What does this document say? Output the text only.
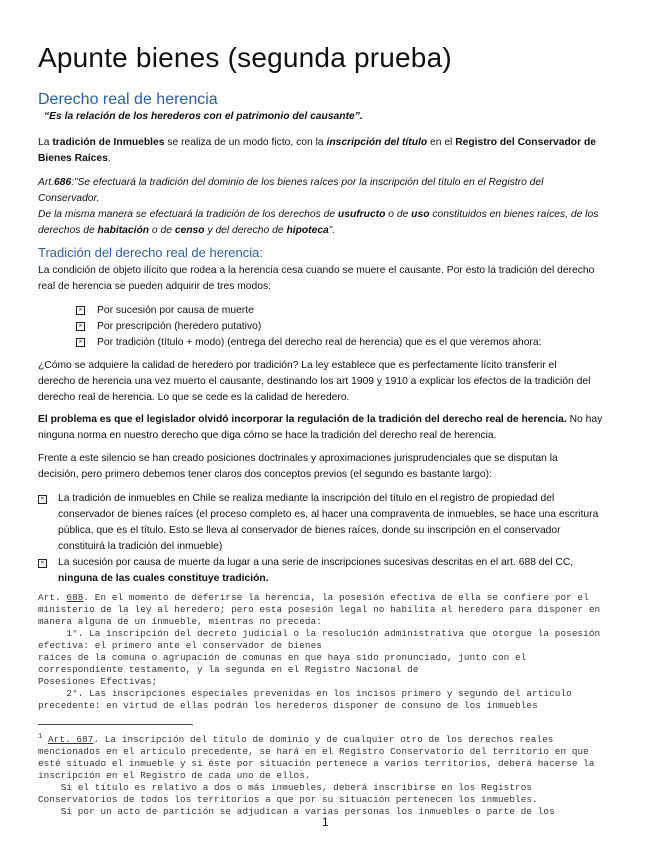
Apunte bienes (segunda prueba)
Derecho real de herencia
“Es la relación de los herederos con el patrimonio del causante”.
La tradición de Inmuebles se realiza de un modo ficto, con la inscripción del título en el Registro del Conservador de
Bienes Raíces.
Art.686:”Se efectuará la tradición del dominio de los bienes raíces por la inscripción del título en el Registro del
Conservador.
De la misma manera se efectuará la tradición de los derechos de usufructo o de uso constituidos en bienes raíces, de los
derechos de habitación o de censo y del derecho de hipoteca”.
Tradición del derecho real de herencia:
La condición de objeto ilícito que rodea a la herencia cesa cuando se muere el causante. Por esto la tradición del derecho
real de herencia se pueden adquirir de tres modos:
✕ Por sucesión por causa de muerte
✕ Por prescripción (heredero putativo)
✕ Por tradición (título + modo) (entrega del derecho real de herencia) que es el que veremos ahora:
¿Cómo se adquiere la calidad de heredero por tradición? La ley establece que es perfectamente lícito transferir el
derecho de herencia una vez muerto el causante, destinando los art 1909 y 1910 a explicar los efectos de la tradición del
derecho real de herencia. Lo que se cede es la calidad de heredero.
El problema es que el legislador olvidó incorporar la regulación de la tradición del derecho real de herencia. No hay
ninguna norma en nuestro derecho que diga cómo se hace la tradición del derecho real de herencia.
Frente a este silencio se han creado posiciones doctrinales y aproximaciones jurisprudenciales que se disputan la
decisión, pero primero debemos tener claros dos conceptos previos (el segundo es bastante largo):
✕ La tradición de inmuebles en Chile se realiza mediante la inscripción del título en el registro de propiedad del
conservador de bienes raíces (el proceso completo es, al hacer una compraventa de inmuebles, se hace una escritura
pública, que es el título. Esto se lleva al conservador de bienes raíces, donde su inscripción en el conservador
constituirá la tradición del inmueble)
✕ La sucesión por causa de muerte da lugar a una serie de inscripciones sucesivas descritas en el art. 688 del CC,
ninguna de las cuales constituye tradición.
Art. 688. En el momento de deferirse la herencia, la posesión efectiva de ella se confiere por el
ministerio de la ley al heredero; pero esta posesión legal no habilita al heredero para disponer en
manera alguna de un inmueble, mientras no preceda:
1°. La inscripción del decreto judicial o la resolución administrativa que otorgue la posesión
efectiva: el primero ante el conservador de bienes
raíces de la comuna o agrupación de comunas en que haya sido pronunciado, junto con el
correspondiente testamento, y la segunda en el Registro Nacional de
Posesiones Efectivas;
2°. Las inscripciones especiales prevenidas en los incisos primero y segundo del artículo
precedente: en virtud de ellas podrán los herederos disponer de consuno de los inmuebles
$^1$ Art. 687. La inscripción del título de dominio y de cualquier otro de los derechos reales
mencionados en el artículo precedente, se hará en el Registro Conservatorio del territorio en que
esté situado el inmueble y si éste por situación pertenece a varios territorios, deberá hacerse la
inscripción en el Registro de cada uno de ellos.
Si el título es relativo a dos o más inmuebles, deberá inscribirse en los Registros
Conservatorios de todos los territorios a que por su situación pertenecen los inmuebles.
Si por un acto de partición se adjudican a varias personas los inmuebles o parte de los
1
